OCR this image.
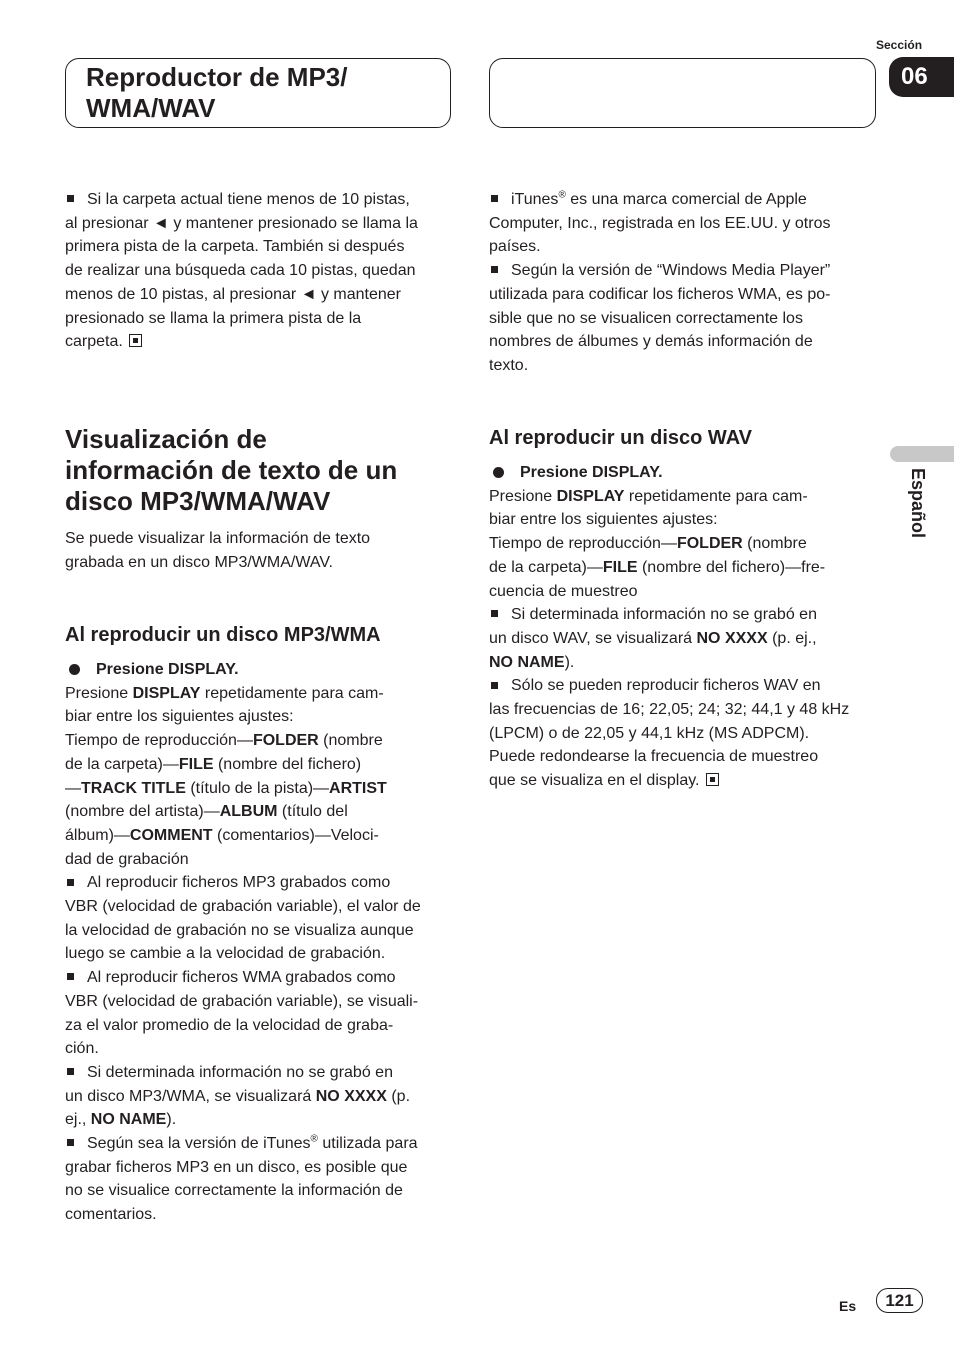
Sección
06
Reproductor de MP3/
WMA/WAV
Español

Si la carpeta actual tiene menos de 10 pistas,

al presionar ◄ y mantener presionado se llama la

primera pista de la carpeta. También si después

de realizar una búsqueda cada 10 pistas, quedan

menos de 10 pistas, al presionar ◄ y mantener

presionado se llama la primera pista de la

carpeta.

Visualización de
información de texto de un
disco MP3/WMA/WAV

Se puede visualizar la información de texto

grabada en un disco MP3/WMA/WAV.

Al reproducir un disco MP3/WMA

Presione DISPLAY.

Presione DISPLAY repetidamente para cam-

biar entre los siguientes ajustes:

Tiempo de reproducción—FOLDER (nombre

de la carpeta)—FILE (nombre del fichero)

—TRACK TITLE (título de la pista)—ARTIST

(nombre del artista)—ALBUM (título del

álbum)—COMMENT (comentarios)—Veloci-

dad de grabación

Al reproducir ficheros MP3 grabados como

VBR (velocidad de grabación variable), el valor de

la velocidad de grabación no se visualiza aunque

luego se cambie a la velocidad de grabación.

Al reproducir ficheros WMA grabados como

VBR (velocidad de grabación variable), se visuali-

za el valor promedio de la velocidad de graba-

ción.

Si determinada información no se grabó en

un disco MP3/WMA, se visualizará NO XXXX (p.

ej., NO NAME).

Según sea la versión de iTunes® utilizada para

grabar ficheros MP3 en un disco, es posible que

no se visualice correctamente la información de

comentarios.

iTunes® es una marca comercial de Apple

Computer, Inc., registrada en los EE.UU. y otros

países.

Según la versión de “Windows Media Player”

utilizada para codificar los ficheros WMA, es po-

sible que no se visualicen correctamente los

nombres de álbumes y demás información de

texto.

Al reproducir un disco WAV

Presione DISPLAY.

Presione DISPLAY repetidamente para cam-

biar entre los siguientes ajustes:

Tiempo de reproducción—FOLDER (nombre

de la carpeta)—FILE (nombre del fichero)—fre-

cuencia de muestreo

Si determinada información no se grabó en

un disco WAV, se visualizará NO XXXX (p. ej.,

NO NAME).

Sólo se pueden reproducir ficheros WAV en

las frecuencias de 16; 22,05; 24; 32; 44,1 y 48 kHz

(LPCM) o de 22,05 y 44,1 kHz (MS ADPCM).

Puede redondearse la frecuencia de muestreo

que se visualiza en el display.

Es	121
